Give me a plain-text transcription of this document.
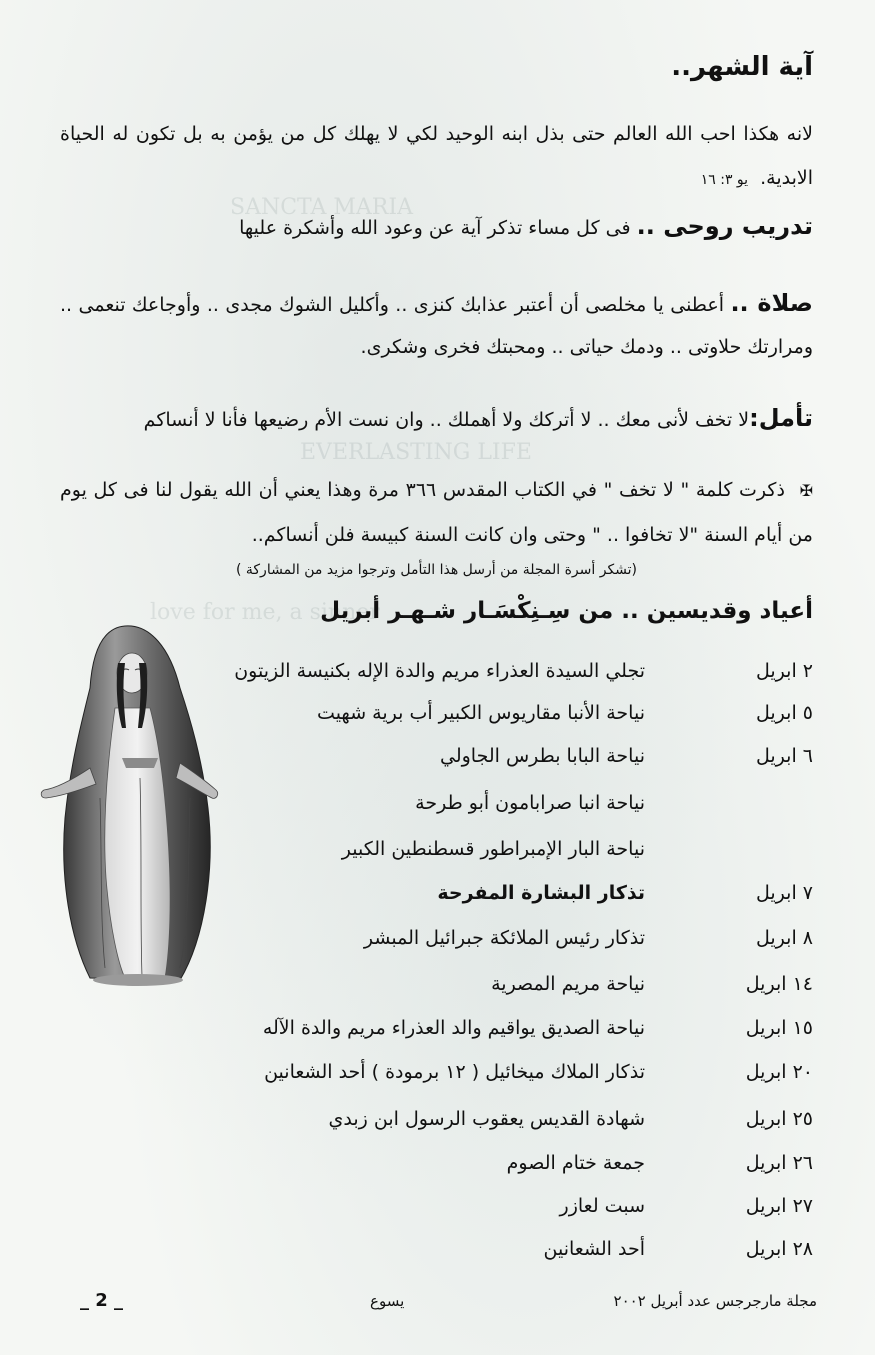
SANCTA MARIA
EVERLASTING LIFE
love for me, a sinner
آية الشهر..
لانه هكذا احب الله العالم حتى بذل ابنه الوحيد لكي لا يهلك كل من يؤمن به بل تكون له الحياة الابدية. يو ٣: ١٦
تدريب روحى .. فى كل مساء تذكر آية عن وعود الله وأشكرة عليها
صلاة .. أعطنى يا مخلصى أن أعتبر عذابك كنزى .. وأكليل الشوك مجدى .. وأوجاعك تنعمى .. ومرارتك حلاوتى .. ودمك حياتى .. ومحبتك فخرى وشكرى.
تأمل:لا تخف لأنى معك .. لا أتركك ولا أهملك .. وان نست الأم رضيعها فأنا لا أنساكم
✠ ذكرت كلمة " لا تخف " في الكتاب المقدس ٣٦٦ مرة وهذا يعني أن الله يقول لنا فى كل يوم من أيام السنة "لا تخافوا .. " وحتى وان كانت السنة كبيسة فلن أنساكم..
(تشكر أسرة المجلة من أرسل هذا التأمل وترجوا مزيد من المشاركة )
أعياد وقديسين .. من سِـنِكْسَـار شـهـر أبريل
٢ ابريل
تجلي السيدة العذراء مريم والدة الإله بكنيسة الزيتون
٥ ابريل
نياحة الأنبا مقاريوس الكبير أب برية شهيت
٦ ابريل
نياحة البابا بطرس الجاولي
نياحة انبا صرابامون أبو طرحة
نياحة البار الإمبراطور قسطنطين الكبير
٧ ابريل
تذكار البشارة المفرحة
٨ ابريل
تذكار رئيس الملائكة جبرائيل المبشر
١٤ ابريل
نياحة مريم المصرية
١٥ ابريل
نياحة الصديق يواقيم والد العذراء مريم والدة الآله
٢٠ ابريل
تذكار الملاك ميخائيل ( ١٢ برمودة ) أحد الشعانين
٢٥ ابريل
شهادة القديس يعقوب الرسول ابن زبدي
٢٦ ابريل
جمعة ختام الصوم
٢٧ ابريل
سبت لعازر
٢٨ ابريل
أحد الشعانين
_ 2 _	يسوع	مجلة مارجرجس عدد أبريل ٢٠٠٢
